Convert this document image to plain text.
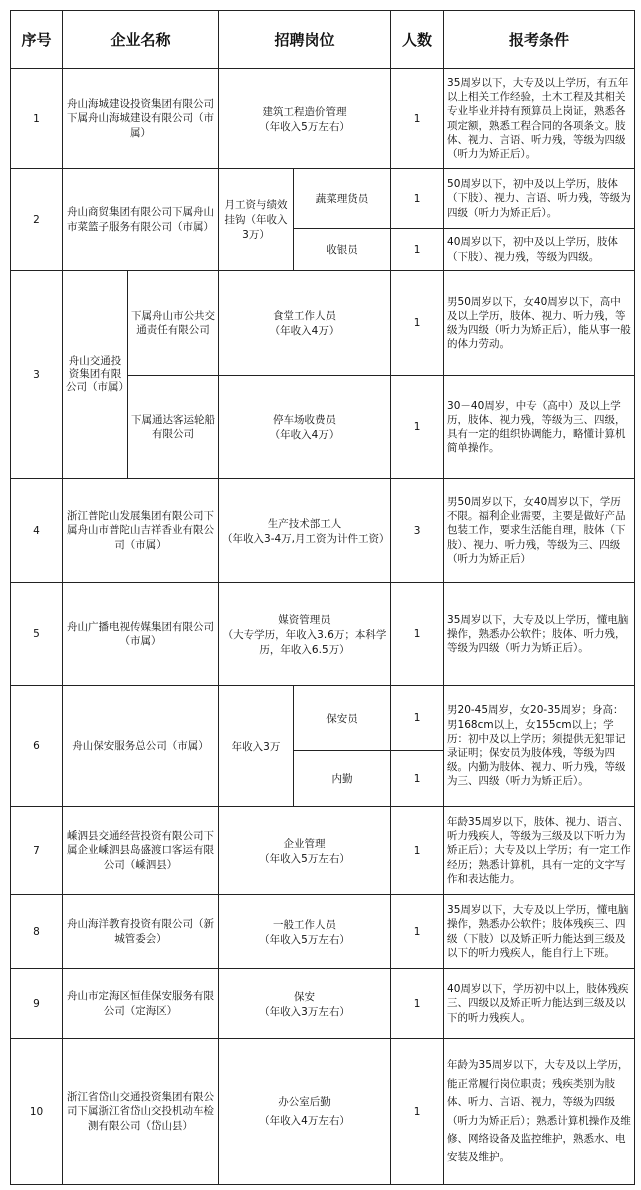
序号	企业名称		招聘岗位		人数	报考条件
1	舟山海城建设投资集团有限公司下属舟山海城建设有限公司（市属）		建筑工程造价管理
（年收入5万左右）		1	35周岁以下，大专及以上学历，有五年以上相关工作经验，土木工程及其相关专业毕业并持有预算员上岗证，熟悉各项定额，熟悉工程合同的各项条文。肢体、视力、言语、听力残，等级为四级（听力为矫正后）。
2	舟山商贸集团有限公司下属舟山市菜篮子服务有限公司（市属）		月工资与绩效挂钩（年收入3万）	蔬菜理货员	1	50周岁以下，初中及以上学历，肢体（下肢）、视力、言语、听力残，等级为四级（听力为矫正后）。
				收银员	1	40周岁以下，初中及以上学历，肢体（下肢）、视力残，等级为四级。
3	舟山交通投资集团有限公司（市属）	下属舟山市公共交通责任有限公司	食堂工作人员
（年收入4万）		1	男50周岁以下，女40周岁以下，高中及以上学历，肢体、视力、听力残，等级为四级（听力为矫正后），能从事一般的体力劳动。
		下属通达客运轮船有限公司	停车场收费员
（年收入4万）		1	30－40周岁，中专（高中）及以上学历，肢体、视力残，等级为三、四级，具有一定的组织协调能力，略懂计算机简单操作。
4	浙江普陀山发展集团有限公司下属舟山市普陀山吉祥香业有限公司（市属）		生产技术部工人
（年收入3-4万,月工资为计件工资）		3	男50周岁以下，女40周岁以下，学历不限。福利企业需要，主要是做好产品包装工作，要求生活能自理，肢体（下肢）、视力、听力残，等级为三、四级（听力为矫正后）
5	舟山广播电视传媒集团有限公司（市属）		媒资管理员
（大专学历，年收入3.6万；本科学历，年收入6.5万）		1	35周岁以下，大专及以上学历，懂电脑操作，熟悉办公软件；肢体、听力残，等级为四级（听力为矫正后）。
6	舟山保安服务总公司（市属）		年收入3万	保安员	1	男20-45周岁，女20-35周岁；身高：男168cm以上，女155cm以上；学历：初中及以上学历；须提供无犯罪记录证明；保安员为肢体残，等级为四级。内勤为肢体、视力、听力残，等级为三、四级（听力为矫正后）。
				内勤	1	
7	嵊泗县交通经营投资有限公司下属企业嵊泗县岛盛渡口客运有限公司（嵊泗县）		企业管理
（年收入5万左右）		1	年龄35周岁以下，肢体、视力、语言、听力残疾人，等级为三级及以下听力为矫正后）；大专及以上学历；有一定工作经历；熟悉计算机，具有一定的文字写作和表达能力。
8	舟山海洋教育投资有限公司（新城管委会）		一般工作人员
（年收入5万左右）		1	35周岁以下，大专及以上学历，懂电脑操作，熟悉办公软件；肢体残疾三、四级（下肢）以及矫正听力能达到三级及以下的听力残疾人，能自行上下班。
9	舟山市定海区恒佳保安服务有限公司（定海区）		保安
（年收入3万左右）		1	40周岁以下，学历初中以上，肢体残疾三、四级以及矫正听力能达到三级及以下的听力残疾人。
10	浙江省岱山交通投资集团有限公司下属浙江省岱山交投机动车检测有限公司（岱山县）		办公室后勤
（年收入4万左右）		1	年龄为35周岁以下，大专及以上学历，能正常履行岗位职责；残疾类别为肢体、听力、言语、视力，等级为四级（听力为矫正后）；熟悉计算机操作及维修、网络设备及监控维护，熟悉水、电安装及维护。
